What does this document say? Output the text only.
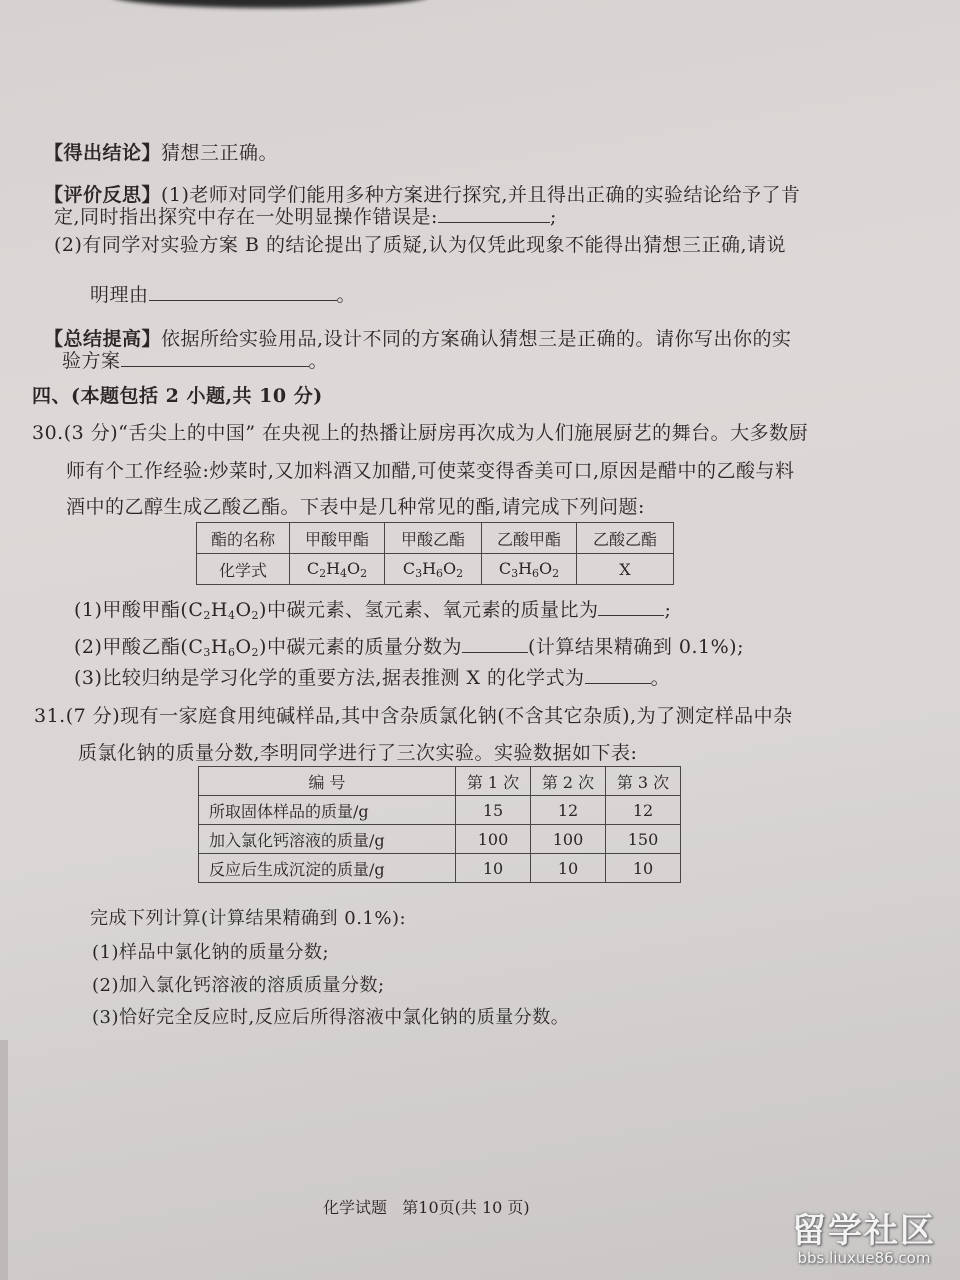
【得出结论】猜想三正确。
【评价反思】(1)老师对同学们能用多种方案进行探究,并且得出正确的实验结论给予了肯
定,同时指出探究中存在一处明显操作错误是:	;
(2)有同学对实验方案 B 的结论提出了质疑,认为仅凭此现象不能得出猜想三正确,请说
明理由	。
【总结提高】依据所给实验用品,设计不同的方案确认猜想三是正确的。请你写出你的实
验方案	。
四、(本题包括 2 小题,共 10 分)
30.(3 分)“舌尖上的中国” 在央视上的热播让厨房再次成为人们施展厨艺的舞台。大多数厨
师有个工作经验:炒菜时,又加料酒又加醋,可使菜变得香美可口,原因是醋中的乙酸与料
酒中的乙醇生成乙酸乙酯。下表中是几种常见的酯,请完成下列问题:
酯的名称	甲酸甲酯	甲酸乙酯	乙酸甲酯	乙酸乙酯
化学式	$C_2H_4O_2$	$C_3H_6O_2$	$C_3H_6O_2$	X
(1)甲酸甲酯$(C_2H_4O_2)$中碳元素、氢元素、氧元素的质量比为	;
(2)甲酸乙酯$(C_3H_6O_2)$中碳元素的质量分数为	(计算结果精确到 0.1%);
(3)比较归纳是学习化学的重要方法,据表推测 X 的化学式为	。
31.(7 分)现有一家庭食用纯碱样品,其中含杂质氯化钠(不含其它杂质),为了测定样品中杂
质氯化钠的质量分数,李明同学进行了三次实验。实验数据如下表:
编 号	第 1 次	第 2 次	第 3 次
所取固体样品的质量/g	15	12	12
加入氯化钙溶液的质量/g	100	100	150
反应后生成沉淀的质量/g	10	10	10
完成下列计算(计算结果精确到 0.1%):
(1)样品中氯化钠的质量分数;
(2)加入氯化钙溶液的溶质质量分数;
(3)恰好完全反应时,反应后所得溶液中氯化钠的质量分数。
化学试题 第10页(共 10 页)
留学社区
bbs.liuxue86.com
